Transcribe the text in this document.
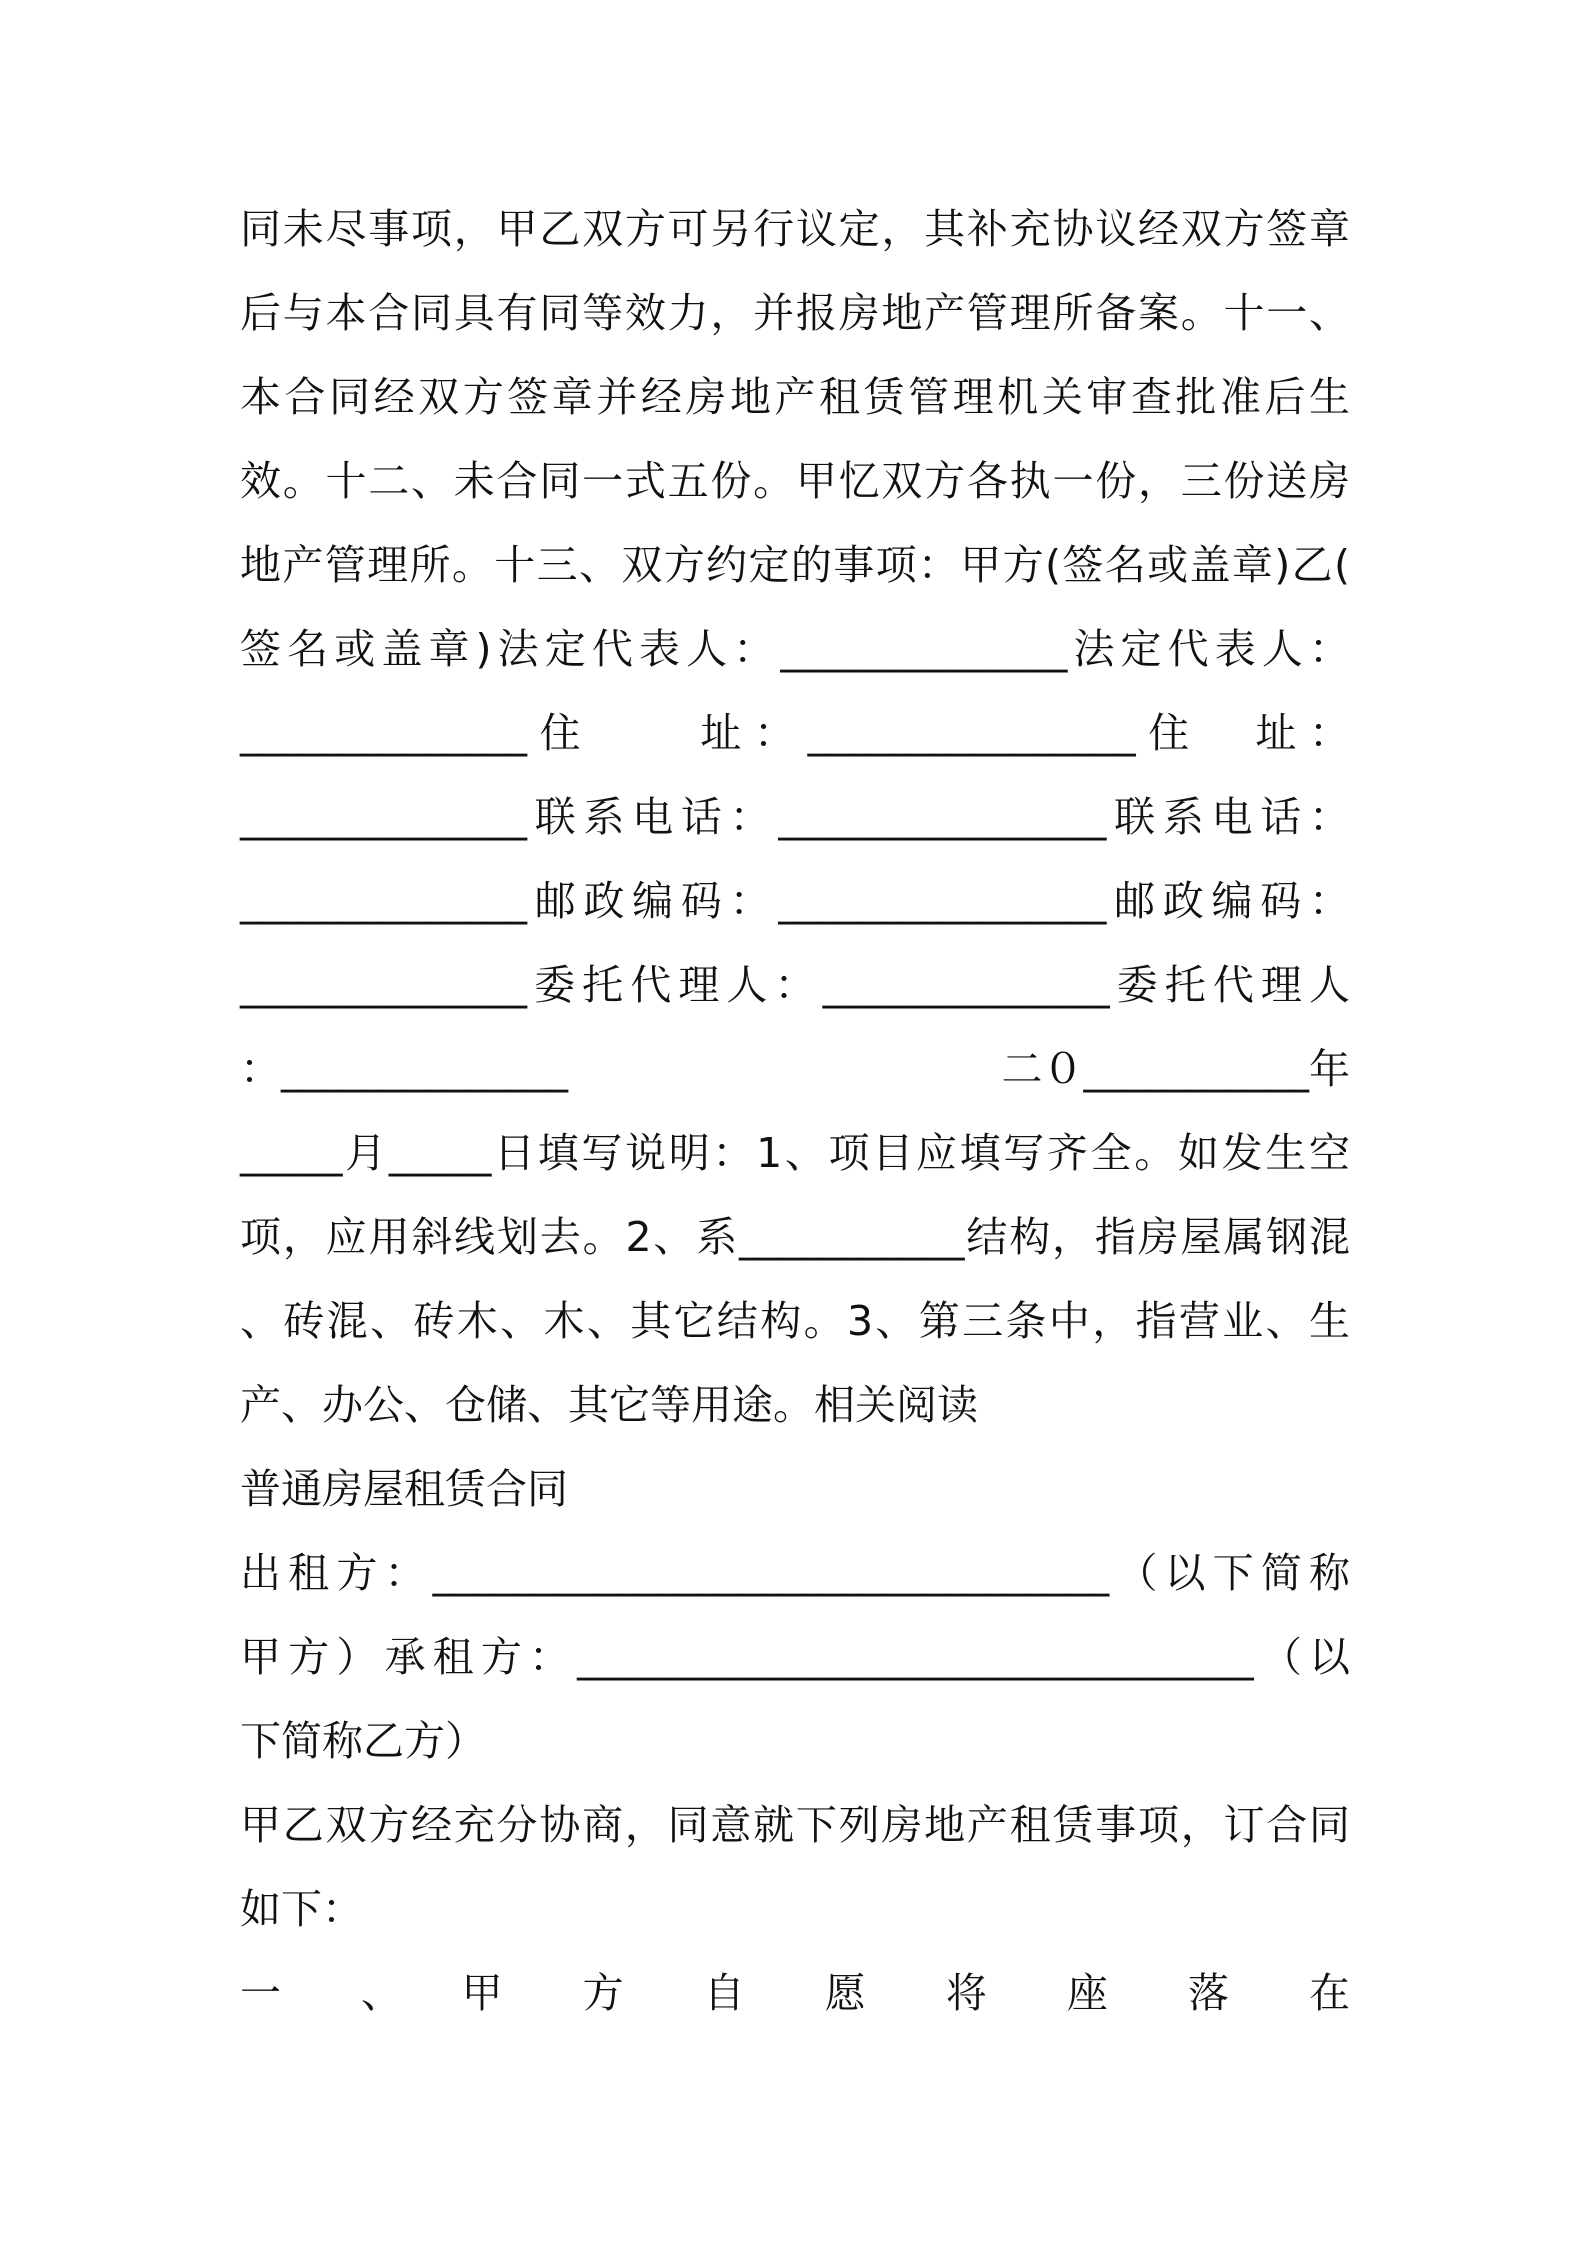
同未尽事项，甲乙双方可另行议定，其补充协议经双方签章
后与本合同具有同等效力，并报房地产管理所备案。十一、
本合同经双方签章并经房地产租赁管理机关审查批准后生
效。十二、未合同一式五份。甲忆双方各执一份，三份送房
地产管理所。十三、双方约定的事项：甲方(签名或盖章)乙(
签名或盖章)法定代表人：______________法定代表人：
______________住　　址：________________住　址：
______________联系电话：________________联系电话：
______________邮政编码：________________邮政编码：
______________委托代理人：______________委托代理人
：______________	二０___________年
_____月_____日填写说明：1、项目应填写齐全。如发生空
项，应用斜线划去。2、系___________结构，指房屋属钢混
、砖混、砖木、木、其它结构。3、第三条中，指营业、生
产、办公、仓储、其它等用途。相关阅读
普通房屋租赁合同
出租方：_________________________________（以下简称
甲方）承租方：_________________________________（以
下简称乙方）
甲乙双方经充分协商，同意就下列房地产租赁事项，订合同
如下：
一　、　甲　方　自　愿　将　座　落　在
